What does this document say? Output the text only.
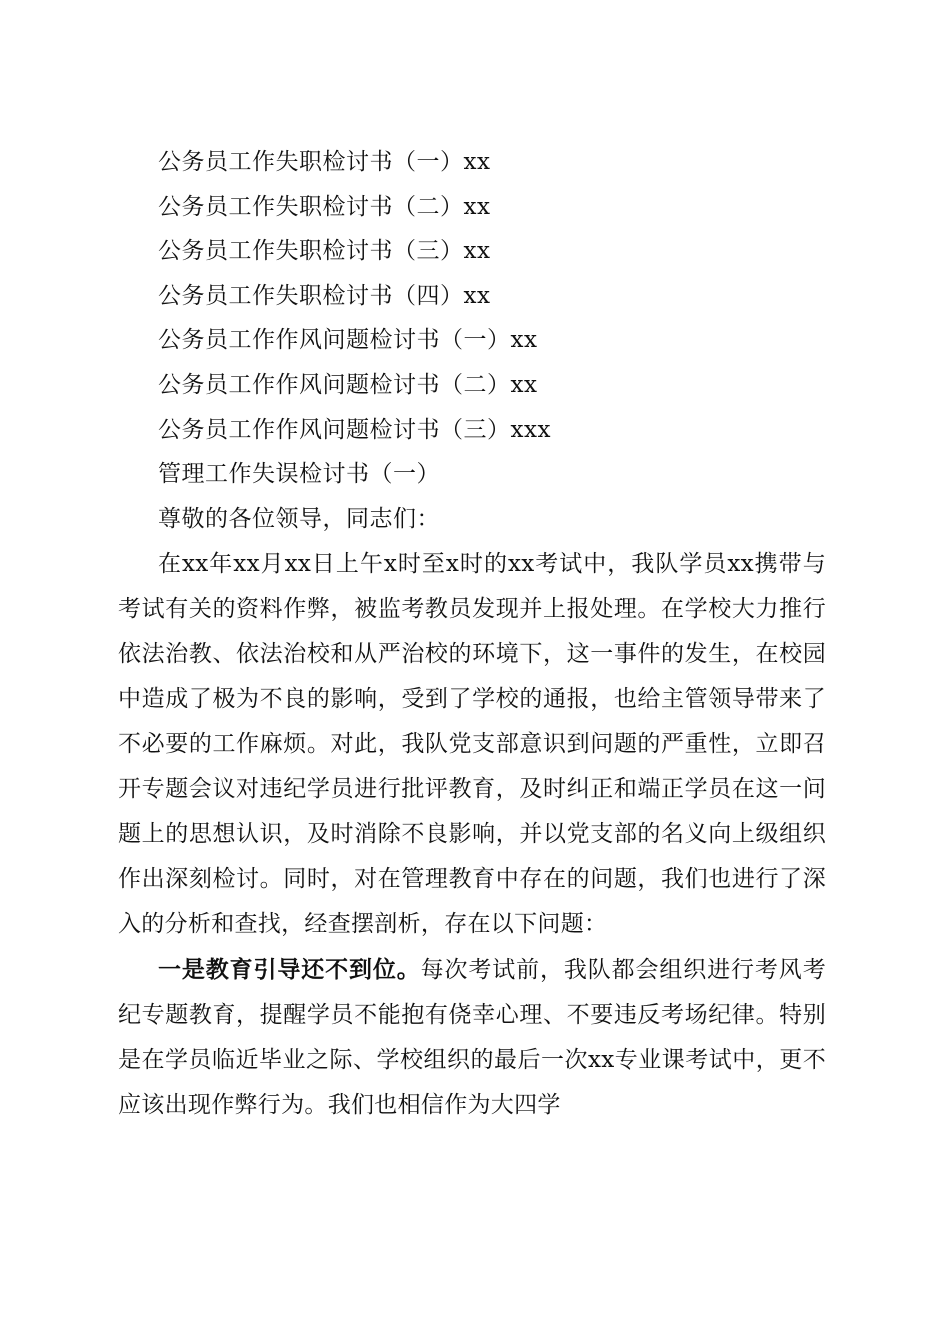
公务员工作失职检讨书（一）xx
公务员工作失职检讨书（二）xx
公务员工作失职检讨书（三）xx
公务员工作失职检讨书（四）xx
公务员工作作风问题检讨书（一）xx
公务员工作作风问题检讨书（二）xx
公务员工作作风问题检讨书（三）xxx
管理工作失误检讨书（一）
尊敬的各位领导，同志们：

在xx年xx月xx日上午x时至x时的xx考试中，我队学员xx携带与考试有关的资料作弊，被监考教员发现并上报处理。在学校大力推行依法治教、依法治校和从严治校的环境下，这一事件的发生，在校园中造成了极为不良的影响，受到了学校的通报，也给主管领导带来了不必要的工作麻烦。对此，我队党支部意识到问题的严重性，立即召开专题会议对违纪学员进行批评教育，及时纠正和端正学员在这一问题上的思想认识，及时消除不良影响，并以党支部的名义向上级组织作出深刻检讨。同时，对在管理教育中存在的问题，我们也进行了深入的分析和查找，经查摆剖析，存在以下问题：

一是教育引导还不到位。每次考试前，我队都会组织进行考风考纪专题教育，提醒学员不能抱有侥幸心理、不要违反考场纪律。特别是在学员临近毕业之际、学校组织的最后一次xx专业课考试中，更不应该出现作弊行为。我们也相信作为大四学
